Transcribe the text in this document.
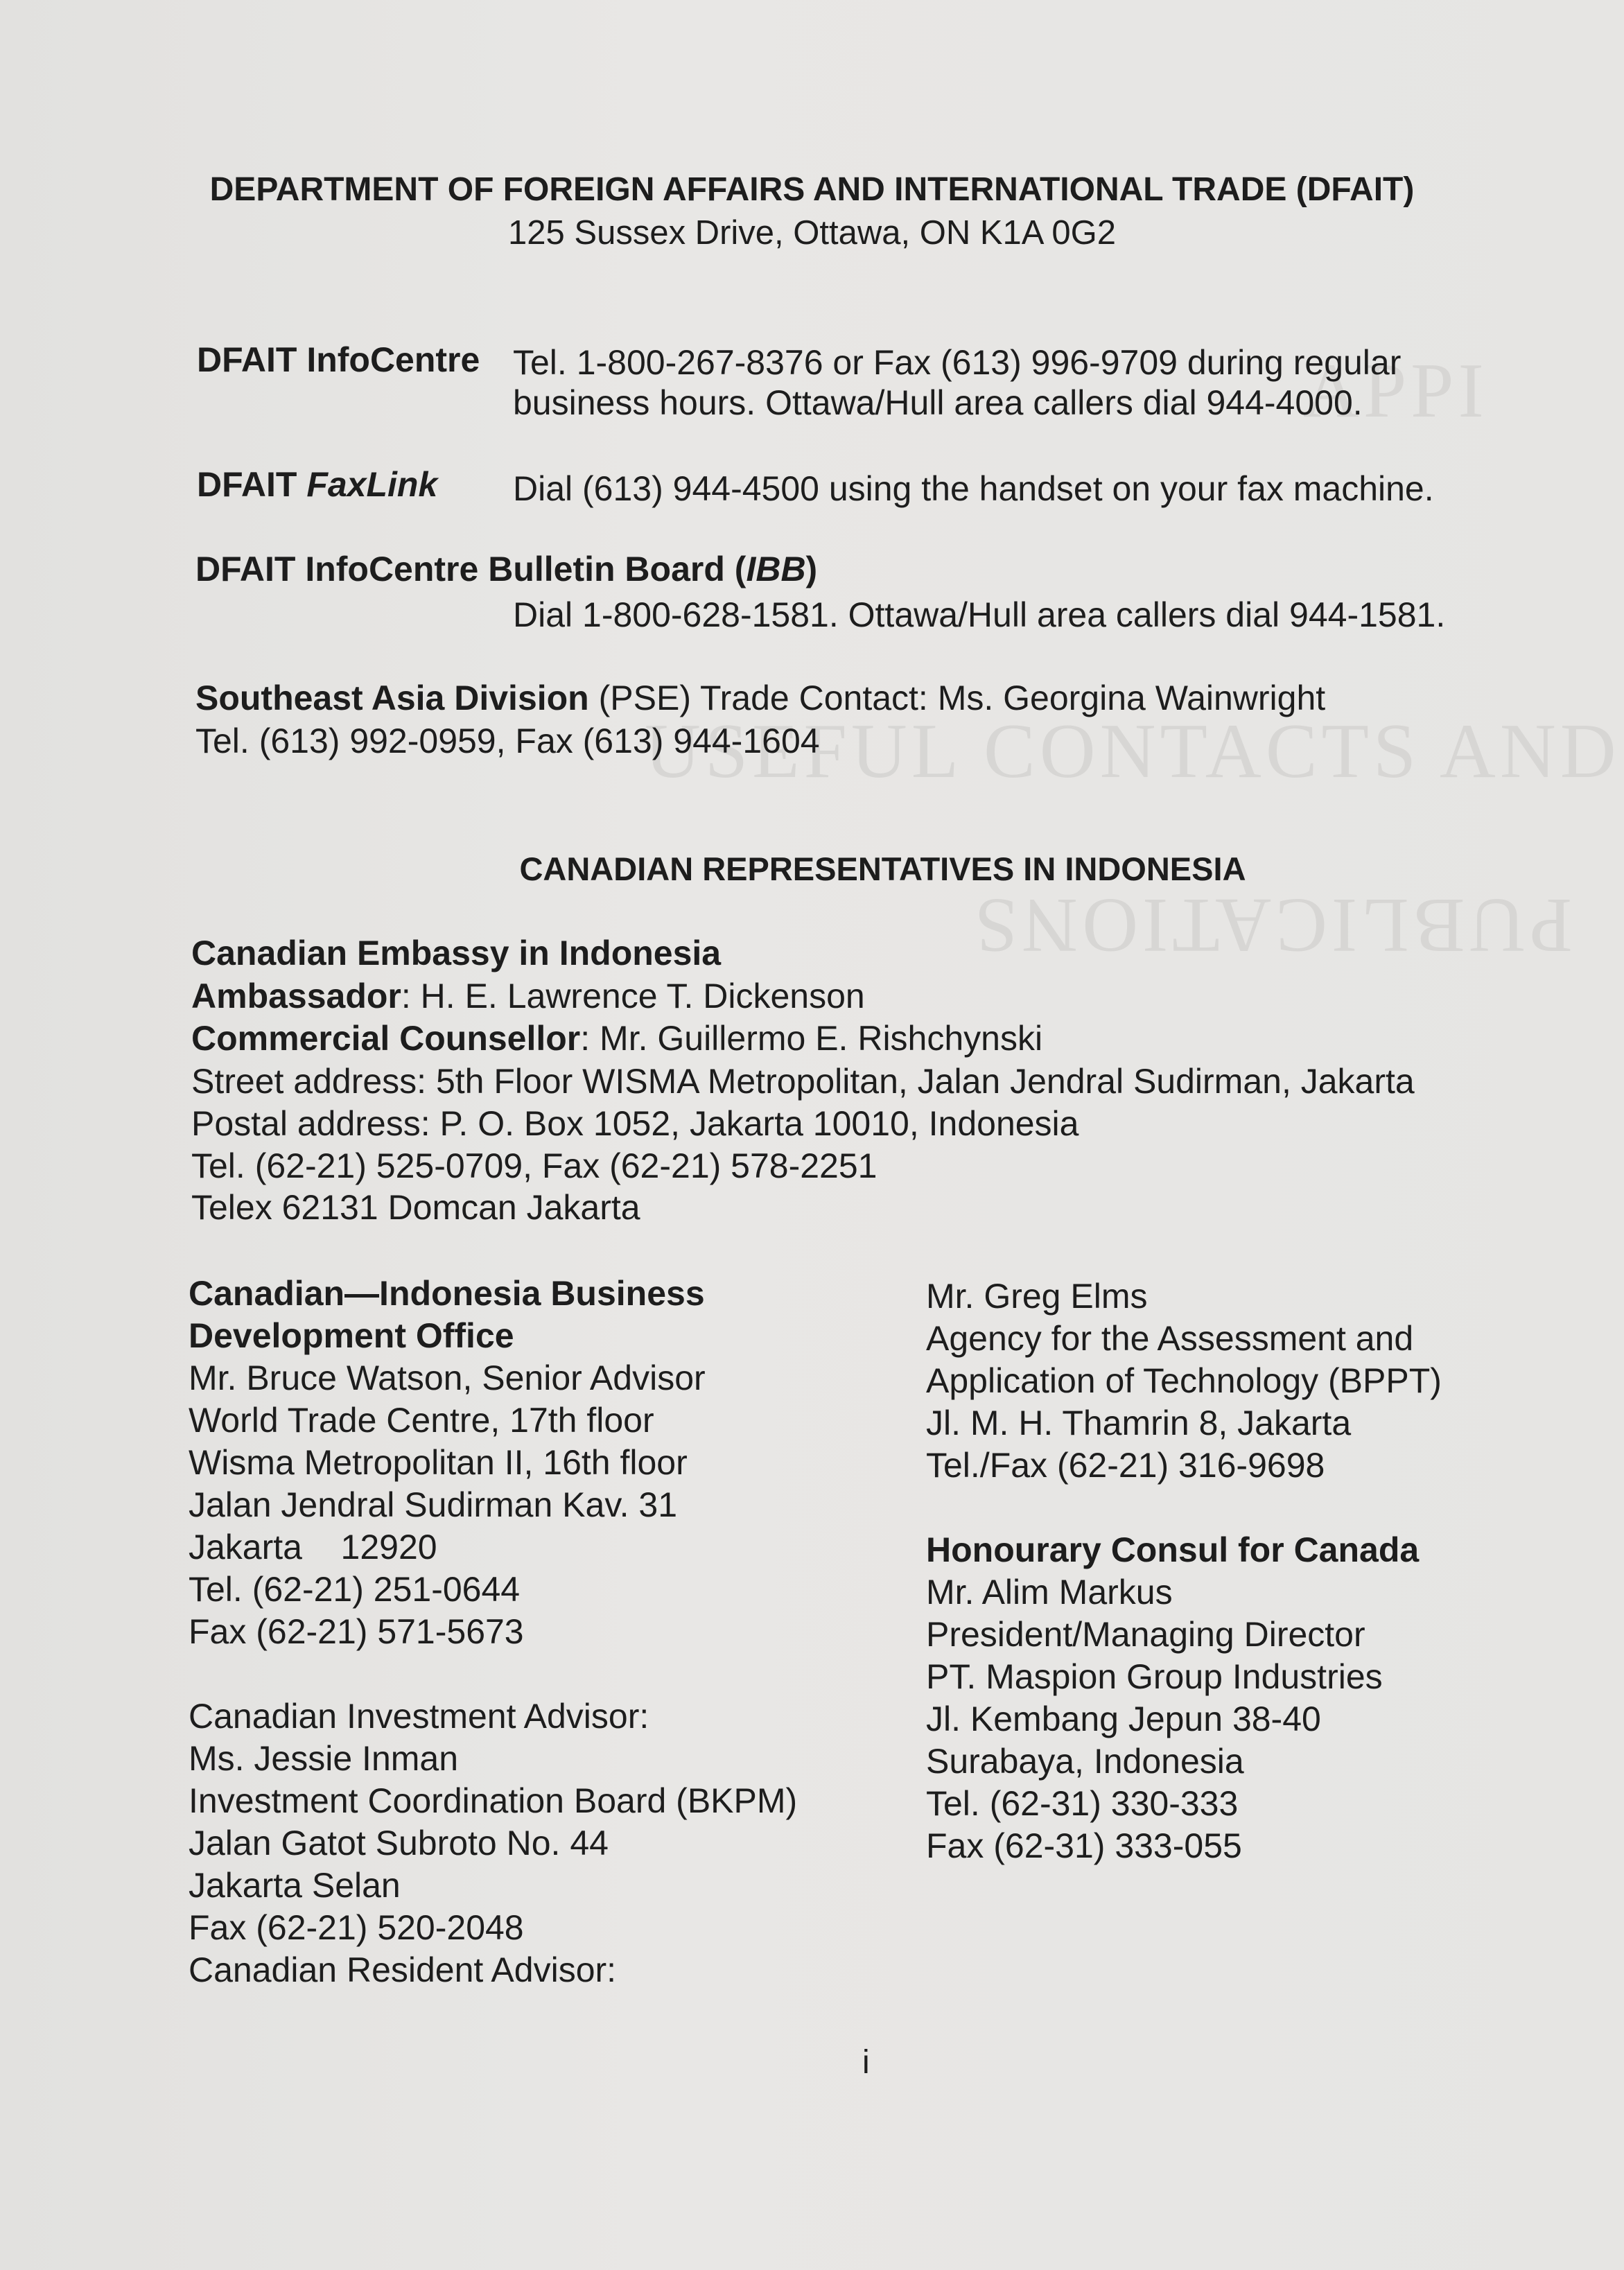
APPI
USEFUL CONTACTS AND
PUBLICATIONS
DEPARTMENT OF FOREIGN AFFAIRS AND INTERNATIONAL TRADE (DFAIT)
125 Sussex Drive, Ottawa, ON K1A 0G2
DFAIT InfoCentre Tel. 1-800-267-8376 or Fax (613) 996-9709 during regular
business hours. Ottawa/Hull area callers dial 944-4000.
DFAIT FaxLink Dial (613) 944-4500 using the handset on your fax machine.
DFAIT InfoCentre Bulletin Board (IBB)
Dial 1-800-628-1581. Ottawa/Hull area callers dial 944-1581.
Southeast Asia Division (PSE) Trade Contact: Ms. Georgina Wainwright
Tel. (613) 992-0959, Fax (613) 944-1604
CANADIAN REPRESENTATIVES IN INDONESIA
Canadian Embassy in Indonesia
Ambassador: H. E. Lawrence T. Dickenson
Commercial Counsellor: Mr. Guillermo E. Rishchynski
Street address: 5th Floor WISMA Metropolitan, Jalan Jendral Sudirman, Jakarta
Postal address: P. O. Box 1052, Jakarta 10010, Indonesia
Tel. (62-21) 525-0709, Fax (62-21) 578-2251
Telex 62131 Domcan Jakarta
Canadian—Indonesia Business
Development Office
Mr. Bruce Watson, Senior Advisor
World Trade Centre, 17th floor
Wisma Metropolitan II, 16th floor
Jalan Jendral Sudirman Kav. 31
Jakarta    12920
Tel. (62-21) 251-0644
Fax (62-21) 571-5673
Canadian Investment Advisor:
Ms. Jessie Inman
Investment Coordination Board (BKPM)
Jalan Gatot Subroto No. 44
Jakarta Selan
Fax (62-21) 520-2048
Canadian Resident Advisor:
Mr. Greg Elms
Agency for the Assessment and
Application of Technology (BPPT)
Jl. M. H. Thamrin 8, Jakarta
Tel./Fax (62-21) 316-9698
Honourary Consul for Canada
Mr. Alim Markus
President/Managing Director
PT. Maspion Group Industries
Jl. Kembang Jepun 38-40
Surabaya, Indonesia
Tel. (62-31) 330-333
Fax (62-31) 333-055
i
